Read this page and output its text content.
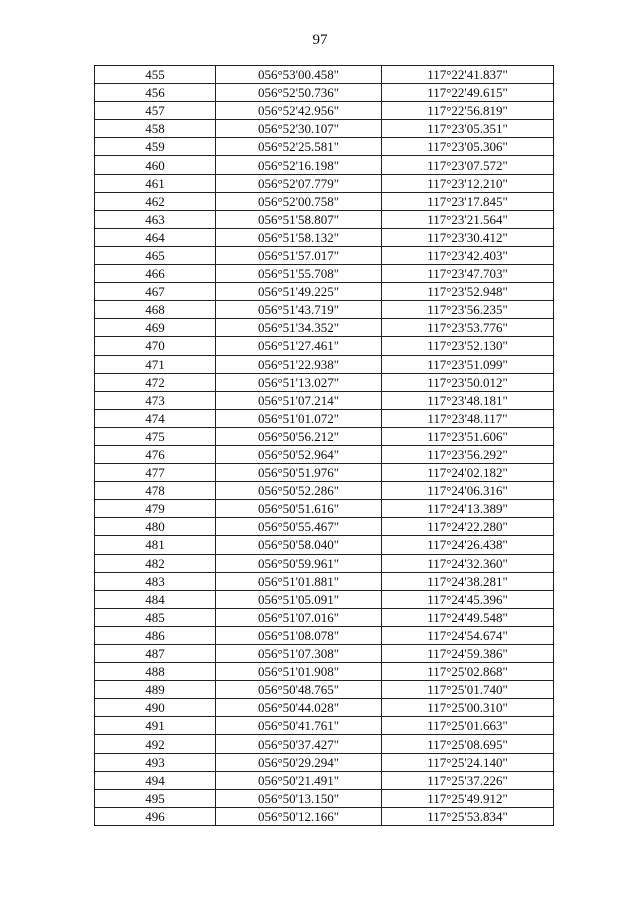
97
455	056°53'00.458"	117°22'41.837"
456	056°52'50.736"	117°22'49.615"
457	056°52'42.956"	117°22'56.819"
458	056°52'30.107"	117°23'05.351"
459	056°52'25.581"	117°23'05.306"
460	056°52'16.198"	117°23'07.572"
461	056°52'07.779"	117°23'12.210"
462	056°52'00.758"	117°23'17.845"
463	056°51'58.807"	117°23'21.564"
464	056°51'58.132"	117°23'30.412"
465	056°51'57.017"	117°23'42.403"
466	056°51'55.708"	117°23'47.703"
467	056°51'49.225"	117°23'52.948"
468	056°51'43.719"	117°23'56.235"
469	056°51'34.352"	117°23'53.776"
470	056°51'27.461"	117°23'52.130"
471	056°51'22.938"	117°23'51.099"
472	056°51'13.027"	117°23'50.012"
473	056°51'07.214"	117°23'48.181"
474	056°51'01.072"	117°23'48.117"
475	056°50'56.212"	117°23'51.606"
476	056°50'52.964"	117°23'56.292"
477	056°50'51.976"	117°24'02.182"
478	056°50'52.286"	117°24'06.316"
479	056°50'51.616"	117°24'13.389"
480	056°50'55.467"	117°24'22.280"
481	056°50'58.040"	117°24'26.438"
482	056°50'59.961"	117°24'32.360"
483	056°51'01.881"	117°24'38.281"
484	056°51'05.091"	117°24'45.396"
485	056°51'07.016"	117°24'49.548"
486	056°51'08.078"	117°24'54.674"
487	056°51'07.308"	117°24'59.386"
488	056°51'01.908"	117°25'02.868"
489	056°50'48.765"	117°25'01.740"
490	056°50'44.028"	117°25'00.310"
491	056°50'41.761"	117°25'01.663"
492	056°50'37.427"	117°25'08.695"
493	056°50'29.294"	117°25'24.140"
494	056°50'21.491"	117°25'37.226"
495	056°50'13.150"	117°25'49.912"
496	056°50'12.166"	117°25'53.834"
